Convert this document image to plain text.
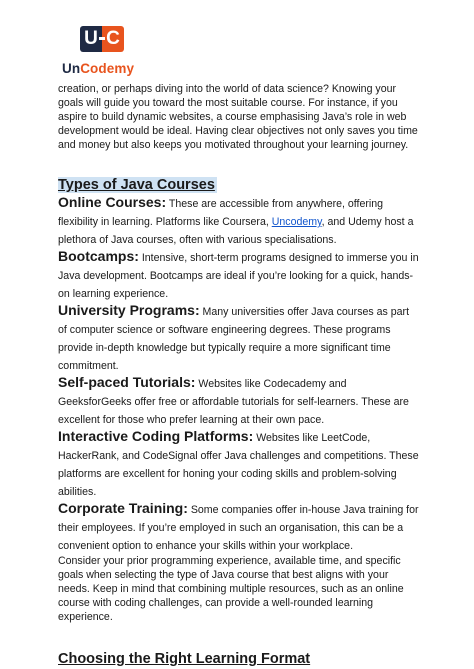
U C
UnCodemy

creation, or perhaps diving into the world of data science? Knowing your goals will guide you toward the most suitable course. For instance, if you aspire to build dynamic websites, a course emphasising Java’s role in web development would be ideal. Having clear objectives not only saves you time and money but also keeps you motivated throughout your learning journey.

Types of Java Courses
Online Courses: These are accessible from anywhere, offering flexibility in learning. Platforms like Coursera, Uncodemy, and Udemy host a plethora of Java courses, often with various specialisations.
Bootcamps: Intensive, short-term programs designed to immerse you in Java development. Bootcamps are ideal if you’re looking for a quick, hands-on learning experience.
University Programs: Many universities offer Java courses as part of computer science or software engineering degrees. These programs provide in-depth knowledge but typically require a more significant time commitment.
Self-paced Tutorials: Websites like Codecademy and GeeksforGeeks offer free or affordable tutorials for self-learners. These are excellent for those who prefer learning at their own pace.
Interactive Coding Platforms: Websites like LeetCode, HackerRank, and CodeSignal offer Java challenges and competitions. These platforms are excellent for honing your coding skills and problem-solving abilities.
Corporate Training: Some companies offer in-house Java training for their employees. If you’re employed in such an organisation, this can be a convenient option to enhance your skills within your workplace.

Consider your prior programming experience, available time, and specific goals when selecting the type of Java course that best aligns with your needs. Keep in mind that combining multiple resources, such as an online course with coding challenges, can provide a well-rounded learning experience.

Choosing the Right Learning Format
